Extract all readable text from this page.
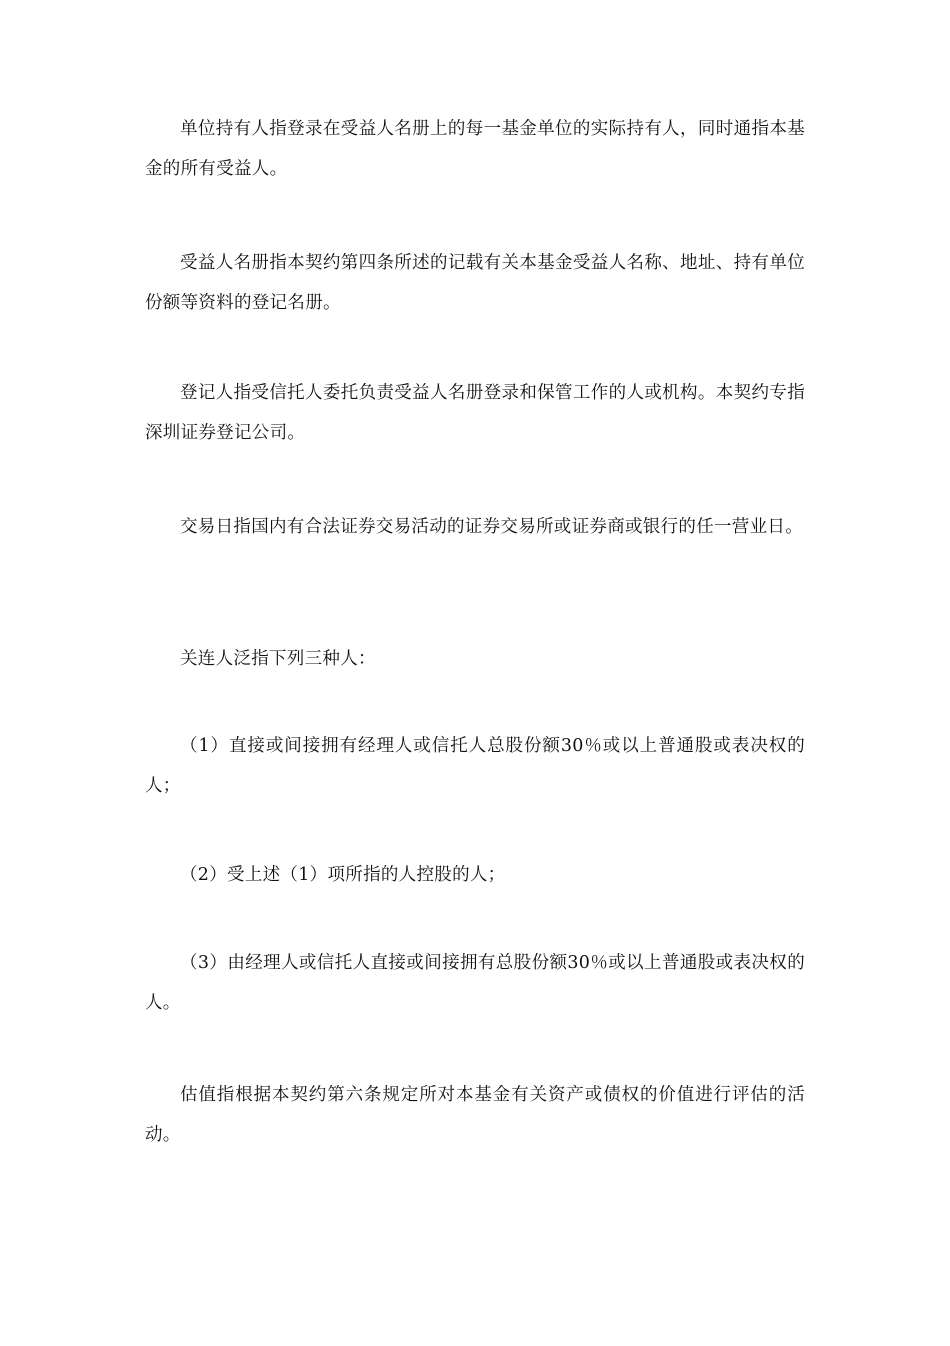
单位持有人指登录在受益人名册上的每一基金单位的实际持有人，同时通指本基金的所有受益人。

受益人名册指本契约第四条所述的记载有关本基金受益人名称、地址、持有单位份额等资料的登记名册。

登记人指受信托人委托负责受益人名册登录和保管工作的人或机构。本契约专指深圳证券登记公司。

交易日指国内有合法证券交易活动的证券交易所或证券商或银行的任一营业日。

关连人泛指下列三种人：

（1）直接或间接拥有经理人或信托人总股份额30％或以上普通股或表决权的人；

（2）受上述（1）项所指的人控股的人；

（3）由经理人或信托人直接或间接拥有总股份额30％或以上普通股或表决权的人。

估值指根据本契约第六条规定所对本基金有关资产或债权的价值进行评估的活动。
